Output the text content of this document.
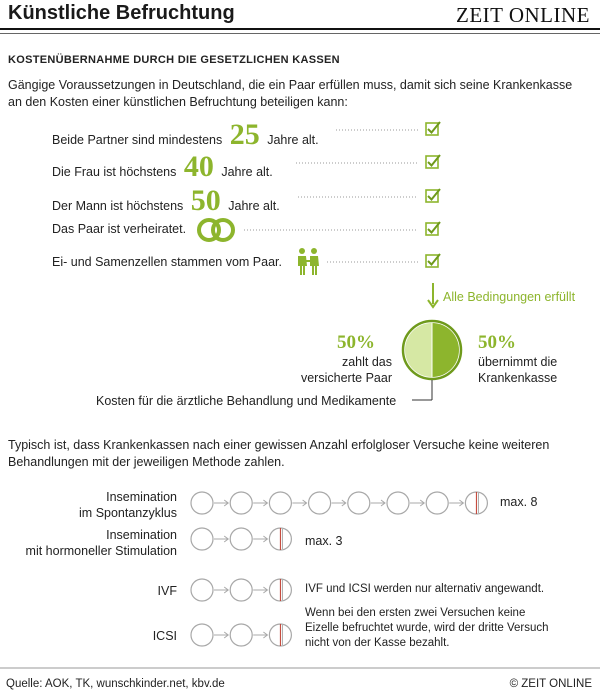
Künstliche Befruchtung	ZEIT ONLINE
KOSTENÜBERNAHME DURCH DIE GESETZLICHEN KASSEN
Gängige Voraussetzungen in Deutschland, die ein Paar erfüllen muss, damit sich seine Krankenkasse an den Kosten einer künstlichen Befruchtung beteiligen kann:
Beide Partner sind mindestens 25 Jahre alt.
Die Frau ist höchstens 40 Jahre alt.
Der Mann ist höchstens 50 Jahre alt.
Das Paar ist verheiratet.
Ei- und Samenzellen stammen vom Paar.
Alle Bedingungen erfüllt
50%
zahlt das
versicherte Paar
50%
übernimmt die
Krankenkasse
Kosten für die ärztliche Behandlung und Medikamente
Typisch ist, dass Krankenkassen nach einer gewissen Anzahl erfolgloser Versuche keine weiteren Behandlungen mit der jeweiligen Methode zahlen.
Insemination
im Spontanzyklus
Insemination
mit hormoneller Stimulation
IVF
ICSI
max. 8
max. 3
IVF und ICSI werden nur alternativ angewandt.
Wenn bei den ersten zwei Versuchen keine
Eizelle befruchtet wurde, wird der dritte Versuch
nicht von der Kasse bezahlt.
Quelle: AOK, TK, wunschkinder.net, kbv.de	© ZEIT ONLINE
